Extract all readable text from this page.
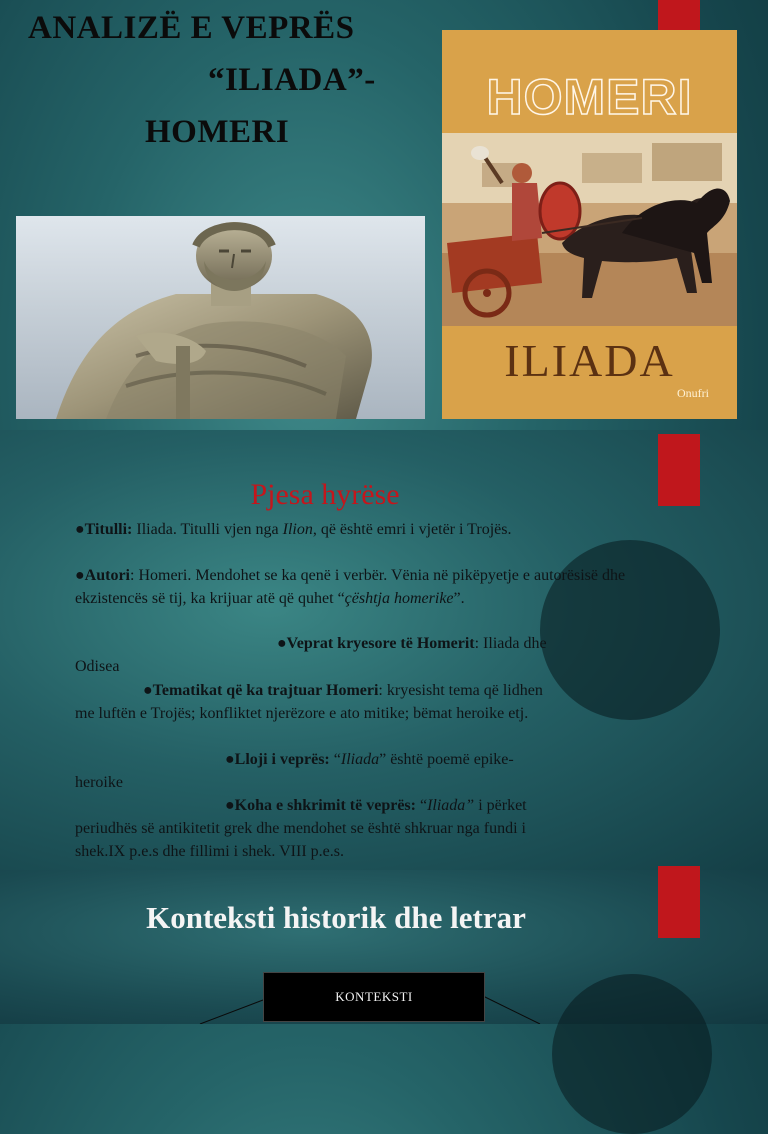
ANALIZË E VEPRËS
“ILIADA”-
HOMERI
HOMERI
ILIADA
Onufri
Pjesa hyrëse
●Titulli: Iliada. Titulli vjen nga Ilion, që është emri i vjetër i Trojës.
●Autori: Homeri. Mendohet se ka qenë i verbër. Vënia në pikëpyetje e autorësisë dhe ekzistencës së tij, ka krijuar atë që quhet “çështja homerike”.
●Veprat kryesore të Homerit: Iliada dhe
Odisea
●Tematikat që ka trajtuar Homeri: kryesisht tema që lidhen
me luftën e Trojës; konfliktet njerëzore e ato mitike; bëmat heroike etj.
●Lloji i veprës: “Iliada” është poemë epike-
heroike
●Koha e shkrimit të veprës: “Iliada” i përket
periudhës së antikitetit grek dhe mendohet se është shkruar nga fundi i
shek.IX p.e.s dhe fillimi i shek. VIII p.e.s.
Konteksti historik dhe letrar
KONTEKSTI
